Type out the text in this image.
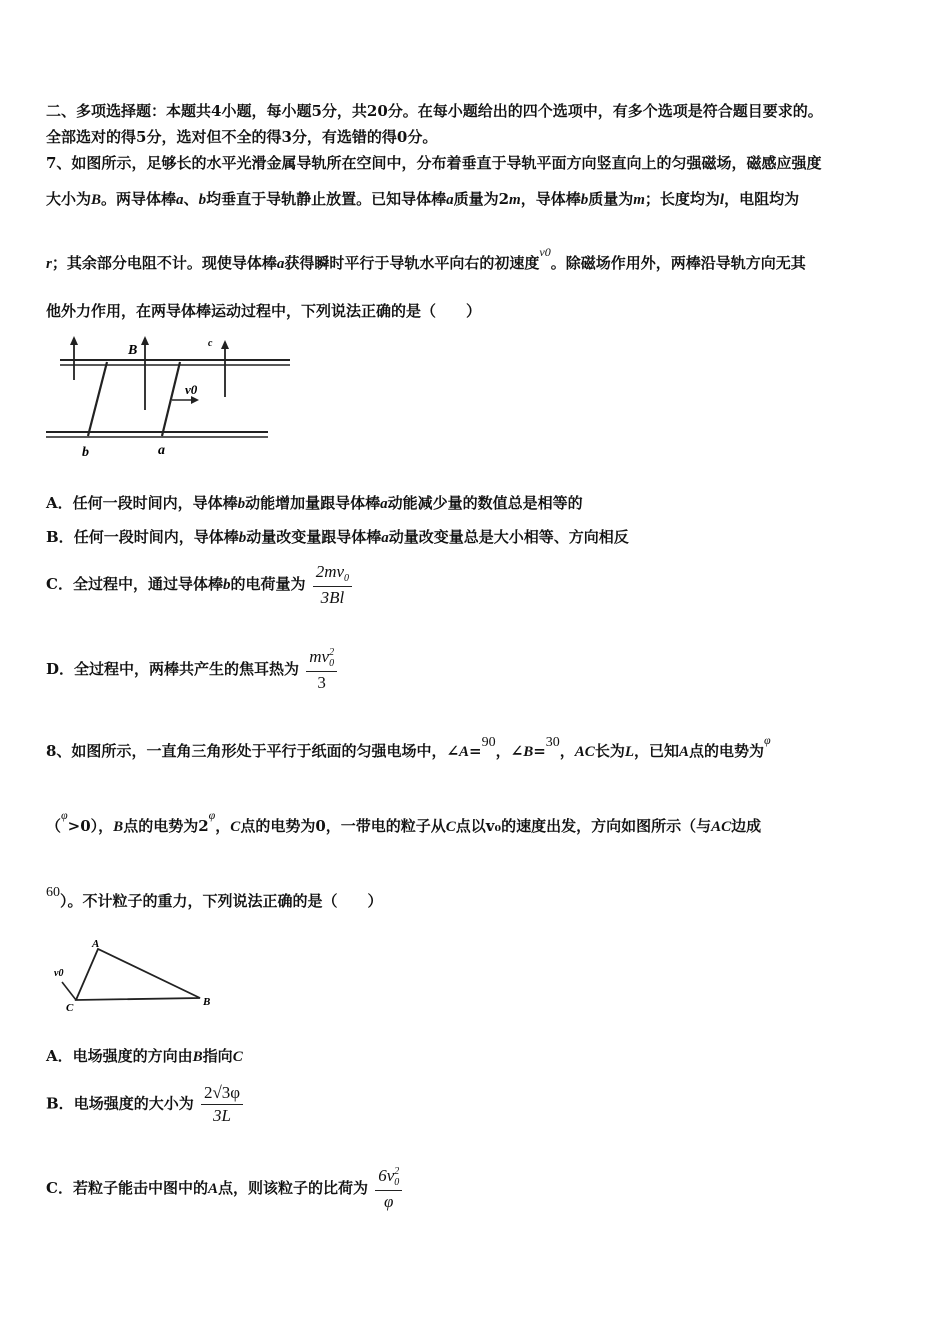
二、多项选择题：本题共4小题，每小题5分，共20分。在每小题给出的四个选项中，有多个选项是符合题目要求的。
全部选对的得5分，选对但不全的得3分，有选错的得0分。
7、如图所示，足够长的水平光滑金属导轨所在空间中，分布着垂直于导轨平面方向竖直向上的匀强磁场，磁感应强度
大小为B。两导体棒a、b均垂直于导轨静止放置。已知导体棒a质量为2m，导体棒b质量为m；长度均为l，电阻均为
r；其余部分电阻不计。现使导体棒a获得瞬时平行于导轨水平向右的初速度$^{v0}$。除磁场作用外，两棒沿导轨方向无其
他外力作用，在两导体棒运动过程中，下列说法正确的是（　　）
B	c
v0
b	a
A．任何一段时间内，导体棒b动能增加量跟导体棒a动能减少量的数值总是相等的
B．任何一段时间内，导体棒b动量改变量跟导体棒a动量改变量总是大小相等、方向相反
C．全过程中，通过导体棒b的电荷量为 $\frac{2mv_0}{3Bl}$
D．全过程中，两棒共产生的焦耳热为 $\frac{mv_0^2}{3}$
8、如图所示，一直角三角形处于平行于纸面的匀强电场中，∠A=90，∠B=30，AC长为L，已知A点的电势为$^\varphi$
（$^\varphi$>0），B点的电势为$2^\varphi$，C点的电势为0，一带电的粒子从C点以v₀的速度出发，方向如图所示（与AC边成
60）。不计粒子的重力，下列说法正确的是（　　）
A
B
C
v0
A．电场强度的方向由B指向C
B．电场强度的大小为 $\frac{2√3\varphi}{3L}$
C．若粒子能击中图中的A点，则该粒子的比荷为 $\frac{6v_0^2}{\varphi}$
